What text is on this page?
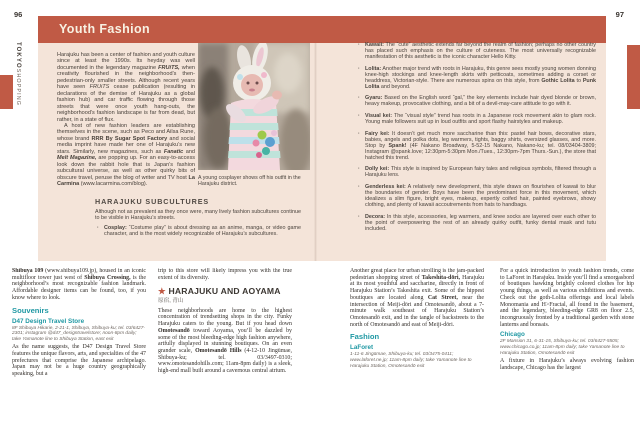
96	97
TOKYOSHOPPING
Youth Fashion

Harajuku has been a center of fashion and youth culture since at least the 1990s. Its heyday was well documented in the legendary magazine FRUiTS, when creativity flourished in the neighborhood’s then-pedestrian-only smaller streets. Although recent years have seen FRUiTS cease publication (resulting in declarations of the demise of Harajuku as a global fashion hub) and car traffic flowing through those streets that were once youth hang-outs, the neighborhood’s fashion landscape is far from dead, but rather, in a state of flux.

A host of new fashion leaders are establishing themselves in the scene, such as Peco and Ailsa Rune, whose brand RRR By Sugar Spot Factory and social media imprint have made her one of Harajuku’s new stars. Similarly, new magazines, such as Fanatic and Melt Magazine, are popping up. For an easy-to-access look down the rabbit hole that is Japan’s fashion subcultural universe, as well as other quirky bits of obscure travel, peruse the blog of writer and TV host La Carmina (www.lacarmina.com/blog).

A young cosplayer shows off his outfit in the Harajuku district.
HARAJUKU SUBCULTURES

Although not as prevalent as they once were, many lively fashion subcultures continue to be visible in Harajuku’s streets.

· Cosplay: “Costume play” is about dressing as an anime, manga, or video game character, and is the most widely recognizable of Harajuku’s subcultures.
· Kawaii: The “cute” aesthetic extends far beyond the realm of fashion; perhaps no other country has placed such emphasis on the culture of cuteness. The most universally recognizable manifestation of this aesthetic is the iconic character Hello Kitty.
· Lolita: Another major trend with roots in Harajuku, this genre sees mostly young women donning knee-high stockings and knee-length skirts with petticoats, sometimes adding a corset or headdress, Victorian-style. There are numerous spins on this style, from Gothic Lolita to Punk Lolita and beyond.
· Gyaru: Based on the English word “gal,” the key elements include hair dyed blonde or brown, heavy makeup, provocative clothing, and a bit of a devil-may-care attitude to go with it.
· Visual kei: The “visual style” trend has roots in a Japanese rock movement akin to glam rock. Young male followers suit up in loud outfits and sport flashy hairstyles and makeup.
· Fairy kei: It doesn’t get much more saccharine than this: pastel hair bows, decorative stars, babies, angels and polka dots, leg warmers, tights, baggy shirts, oversized glasses, and more. Stop by Spank! (4F Nakano Broadway, 5-52-15 Nakano, Nakano-ku; tel. 08/03404-3809; Instagram @spank.love; 12:30pm-5:30pm Mon./Tues., 12:30pm-7pm Thurs.-Sun.), the store that hatched this trend.
· Dolly kei: This style is inspired by European fairy tales and religious symbols, filtered through a Harajuku lens.
· Genderless kei: A relatively new development, this style draws on flourishes of kawaii to blur the boundaries of gender. Boys have been the predominant force in this movement, which idealizes a slim figure, bright eyes, makeup, expertly coifed hair, painted eyebrows, showy clothing, and plenty of kawaii accoutrements from hats to handbags.
· Decora: In this style, accessories, leg warmers, and knee socks are layered over each other to the point of overpowering the rest of an already quirky outfit, funky dental mask and tutu included.

Shibuya 109 (www.shibuya109.jp), housed in an iconic multifloor tower just west of Shibuya Crossing, is the neighborhood’s most recognizable fashion landmark. Affordable designer items can be found, too, if you know where to look.

Souvenirs

D47 Design Travel Store

8F Shibuya Hikarie, 2-21-1, Shibuya, Shibuya-ku; tel. 03/6427-2301; instagram @d47_designtravelstore; noon-8pm daily; take Yamanote line to Shibuya Station, east exit

As the name suggests, the D47 Design Travel Store features the unique flavors, arts, and specialties of the 47 prefectures that comprise the Japanese archipelago. Japan may not be a huge country geographically speaking, but a

trip to this store will likely impress you with the true extent of its diversity.

★ HARAJUKU AND AOYAMA

原宿, 青山

These neighborhoods are home to the highest concentration of trendsetting shops in the city. Funky Harajuku caters to the young. But if you head down Omotesandō toward Aoyama, you’ll be dazzled by some of the most bleeding-edge high fashion anywhere, artfully displayed in stunning boutiques. On an even grander scale, Omotesandō Hills (4-12-10 Jingūmae, Shibuya-ku; tel. 03/3497-0310; www.omotesandohills.com; 11am-8pm daily) is a sleek, high-end mall built around a cavernous central atrium.

Another great place for urban strolling is the jam-packed pedestrian shopping street of Takeshita-dōri, Harajuku at its most youthful and saccharine, directly in front of Harajuku Station’s Takeshita exit. Some of the hippest boutiques are located along Cat Street, near the intersection of Meiji-dōri and Omotesandō, about a 7-minute walk southeast of Harajuku Station’s Omotesandō exit, and in the tangle of backstreets to the north of Omotesandō and east of Meiji-dōri.

Fashion

LaForet

1-11-6 Jingūmae, Shibuya-ku; tel. 03/3475-0411; www.laforet.ne.jp; 11am-8pm daily; take Yamanote line to Harajuku Station, Omotesandō exit

For a quick introduction to youth fashion trends, come to LaForet in Harajuku. Inside you’ll find a smorgasbord of boutiques hawking brightly colored clothes for hip young things, as well as various exhibitions and events. Check out the goth-Lolita offerings and local labels Monomania and H>Fractal, all found in the basement, and the legendary, bleeding-edge GR8 on floor 2.5, incongruously fronted by a traditional garden with stone lanterns and bonsais.

Chicago

2F Mansion 31, 6-31-15, Shibuya-ku; tel. 03/6427-5505; www.chicago.co.jp; 11am-8pm daily; take Yamanote line to Harajuku Station, Omotesandō exit

A fixture in Harajuku’s always evolving fashion landscape, Chicago has the largest
